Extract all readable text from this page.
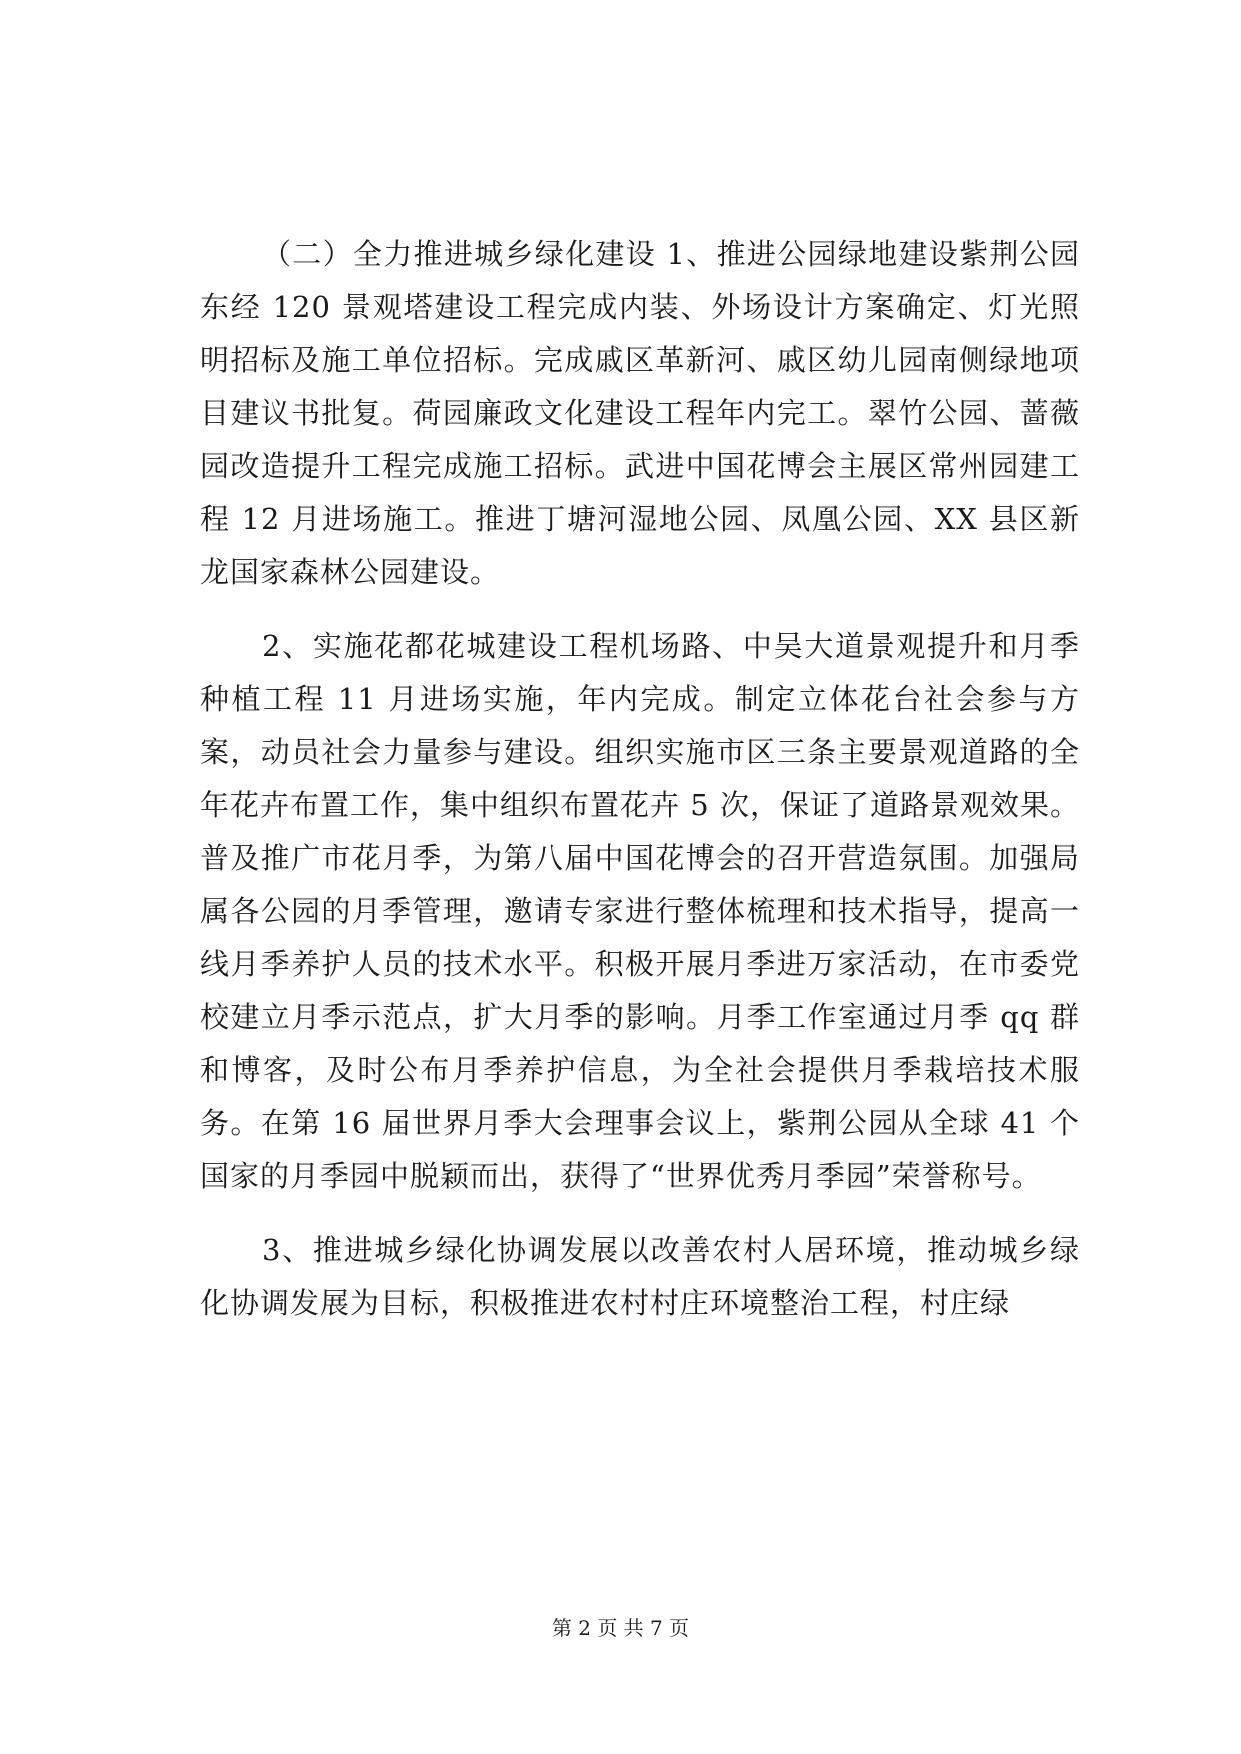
（二）全力推进城乡绿化建设 1、推进公园绿地建设紫荆公园东经 120 景观塔建设工程完成内装、外场设计方案确定、灯光照明招标及施工单位招标。完成戚区革新河、戚区幼儿园南侧绿地项目建议书批复。荷园廉政文化建设工程年内完工。翠竹公园、蔷薇园改造提升工程完成施工招标。武进中国花博会主展区常州园建工程 12 月进场施工。推进丁塘河湿地公园、凤凰公园、XX 县区新龙国家森林公园建设。

2、实施花都花城建设工程机场路、中吴大道景观提升和月季种植工程 11 月进场实施，年内完成。制定立体花台社会参与方案，动员社会力量参与建设。组织实施市区三条主要景观道路的全年花卉布置工作，集中组织布置花卉 5 次，保证了道路景观效果。普及推广市花月季，为第八届中国花博会的召开营造氛围。加强局属各公园的月季管理，邀请专家进行整体梳理和技术指导，提高一线月季养护人员的技术水平。积极开展月季进万家活动，在市委党校建立月季示范点，扩大月季的影响。月季工作室通过月季 qq 群和博客，及时公布月季养护信息，为全社会提供月季栽培技术服务。在第 16 届世界月季大会理事会议上，紫荆公园从全球 41 个国家的月季园中脱颖而出，获得了“世界优秀月季园”荣誉称号。

3、推进城乡绿化协调发展以改善农村人居环境，推动城乡绿化协调发展为目标，积极推进农村村庄环境整治工程，村庄绿

第 2 页 共 7 页
